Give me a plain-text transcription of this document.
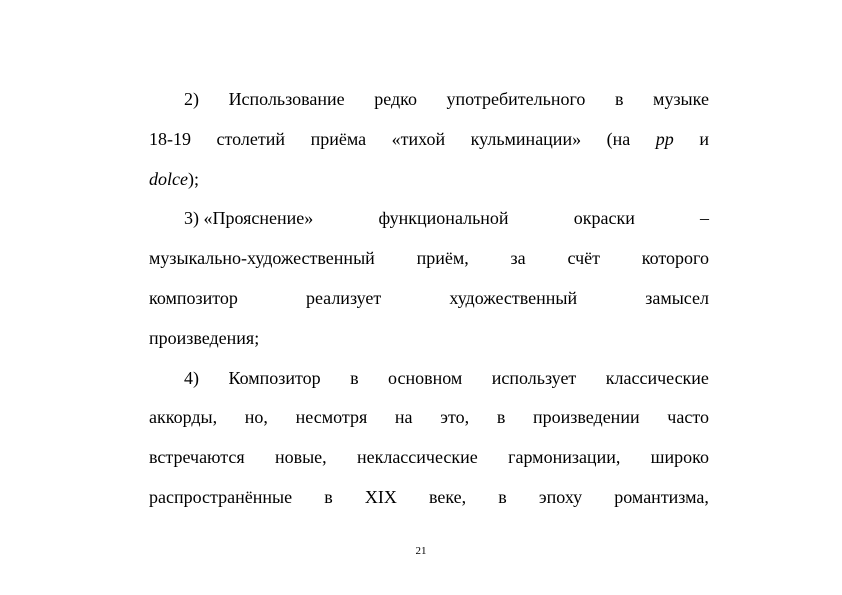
2) Использование редко употребительного в музыке
18-19 столетий приёма «тихой кульминации» (на pp и
dolce);
3) «Прояснение»	функциональной	окраски	–
музыкально-художественный приём, за счёт которого
композитор	реализует	художественный	замысел
произведения;
4) Композитор в основном использует классические
аккорды, но, несмотря на это, в произведении часто
встречаются новые, неклассические гармонизации, широко
распространённые в XIX веке, в эпоху романтизма,
21
